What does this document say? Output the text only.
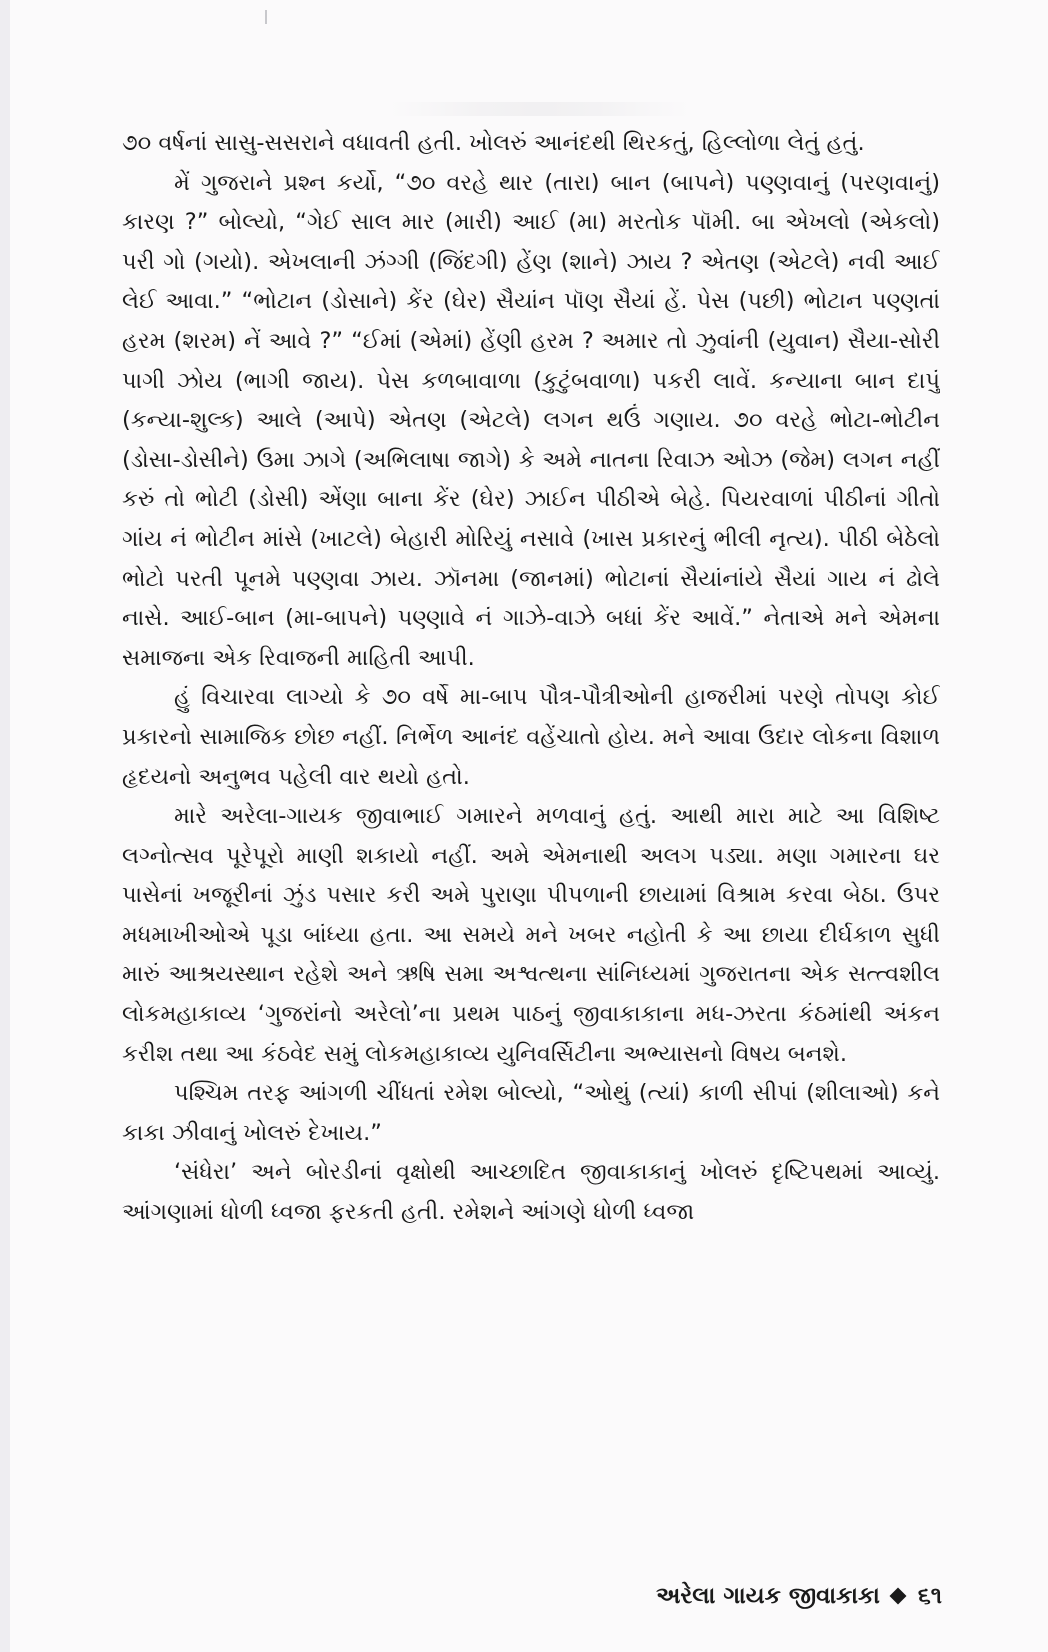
૭૦ વર્ષનાં સાસુ-સસરાને વધાવતી હતી. ખોલરું આનંદથી થિરકતું, હિલ્લોળા લેતું હતું.

મેં ગુજરાને પ્રશ્ન કર્યો, “૭૦ વરહે થાર (તારા) બાન (બાપને) પણ્ણવાનું (પરણવાનું) કારણ ?” બોલ્યો, “ગેઈ સાલ માર (મારી) આઈ (મા) મરતોક પૉમી. બા એખલો (એકલો) પરી ગો (ગયો). એખલાની ઝંગ્ગી (જિંદગી) હેંણ (શાને) ઝાય ? એતણ (એટલે) નવી આઈ લેઈ આવા.” “ભોટાન (ડોસાને) કેંર (ઘેર) સૈયાંન પૉણ સૈયાં હેં. પેસ (પછી) ભોટાન પણ્ણતાં હરમ (શરમ) નેં આવે ?” “ઈમાં (એમાં) હેંણી હરમ ? અમાર તો ઝુવાંની (યુવાન) સૈયા-સોરી પાગી ઝોય (ભાગી જાય). પેસ કળબાવાળા (કુટુંબવાળા) પકરી લાવેં. કન્યાના બાન દાપું (કન્યા-શુલ્ક) આલે (આપે) એતણ (એટલે) લગન થઉં ગણાય. ૭૦ વરહે ભોટા-ભોટીન (ડોસા-ડોસીને) ઉમા ઝાગે (અભિલાષા જાગે) કે અમે નાતના રિવાઝ ઓઝ (જેમ) લગન નહીં કરું તો ભોટી (ડોસી) એંણા બાના કેંર (ઘેર) ઝાઈન પીઠીએ બેહે. પિયરવાળાં પીઠીનાં ગીતો ગાંય નં ભોટીન માંસે (ખાટલે) બેહારી મોરિયું નસાવે (ખાસ પ્રકારનું ભીલી નૃત્ય). પીઠી બેઠેલો ભોટો પરતી પૂનમે પણ્ણવા ઝાય. ઝૉનમા (જાનમાં) ભોટાનાં સૈયાંનાંયે સૈયાં ગાય નં ઢોલે નાસે. આઈ-બાન (મા-બાપને) પણ્ણાવે નં ગાઝે-વાઝે બધાં કેંર આવેં.” નેતાએ મને એમના સમાજના એક રિવાજની માહિતી આપી.

હું વિચારવા લાગ્યો કે ૭૦ વર્ષે મા-બાપ પૌત્ર-પૌત્રીઓની હાજરીમાં પરણે તોપણ કોઈ પ્રકારનો સામાજિક છોછ નહીં. નિર્ભેળ આનંદ વહેંચાતો હોય. મને આવા ઉદાર લોકના વિશાળ હૃદયનો અનુભવ પહેલી વાર થયો હતો.

મારે અરેલા-ગાયક જીવાભાઈ ગમારને મળવાનું હતું. આથી મારા માટે આ વિશિષ્ટ લગ્નોત્સવ પૂરેપૂરો માણી શકાયો નહીં. અમે એમનાથી અલગ પડ્યા. મણા ગમારના ઘર પાસેનાં ખજૂરીનાં ઝુંડ પસાર કરી અમે પુરાણા પીપળાની છાયામાં વિશ્રામ કરવા બેઠા. ઉપર મધમાખીઓએ પૂડા બાંધ્યા હતા. આ સમયે મને ખબર નહોતી કે આ છાયા દીર્ઘકાળ સુધી મારું આશ્રયસ્થાન રહેશે અને ઋષિ સમા અશ્વત્થના સાંનિધ્યમાં ગુજરાતના એક સત્ત્વશીલ લોકમહાકાવ્ય ‘ગુજરાંનો અરેલો’ના પ્રથમ પાઠનું જીવાકાકાના મધ-ઝરતા કંઠમાંથી અંકન કરીશ તથા આ કંઠવેદ સમું લોકમહાકાવ્ય યુનિવર્સિટીના અભ્યાસનો વિષય બનશે.

પશ્ચિમ તરફ આંગળી ચીંધતાં રમેશ બોલ્યો, “ઓથું (ત્યાં) કાળી સીપાં (શીલાઓ) કને કાકા ઝીવાનું ખોલરું દેખાય.”

‘સંધેરા’ અને બોરડીનાં વૃક્ષોથી આચ્છાદિત જીવાકાકાનું ખોલરું દૃષ્ટિપથમાં આવ્યું. આંગણામાં ધોળી ધ્વજા ફરકતી હતી. રમેશને આંગણે ધોળી ધ્વજા

અરેલા ગાયક જીવાકાકા ૬૧
